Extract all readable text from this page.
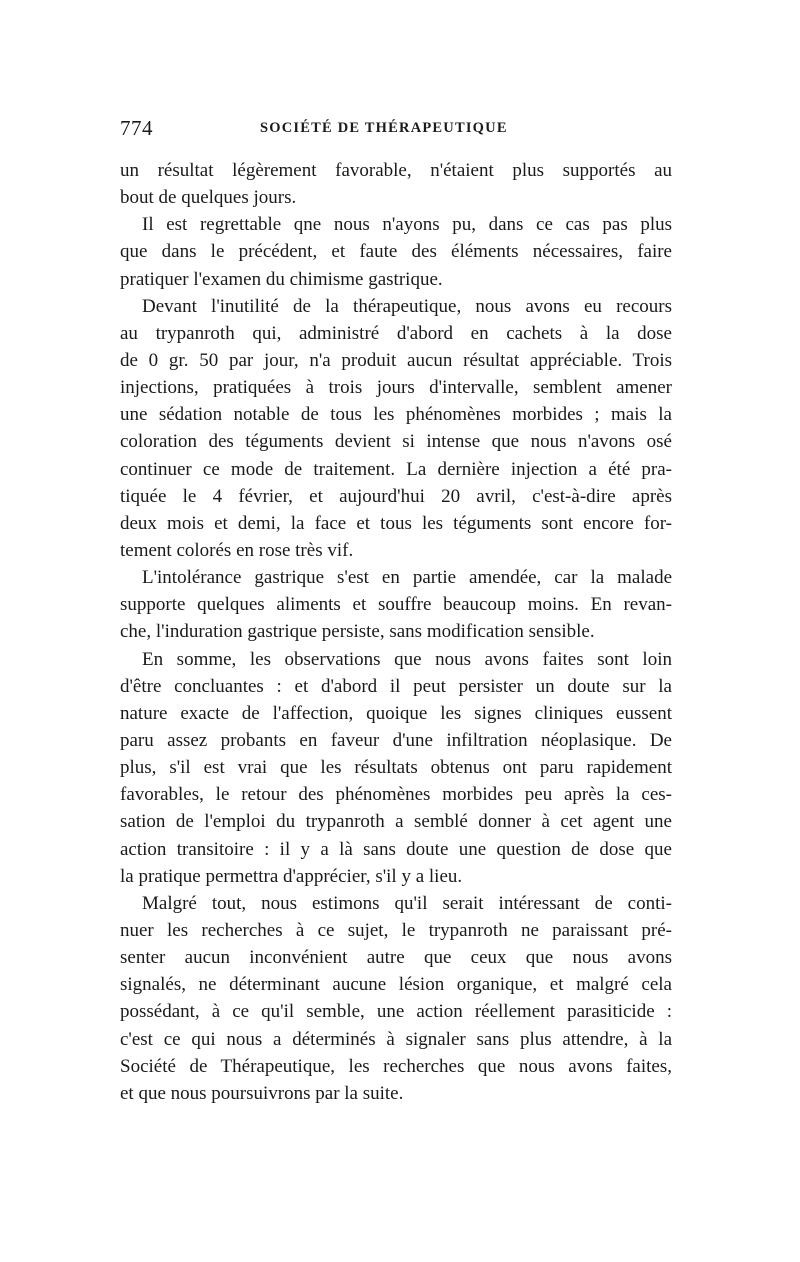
774	SOCIÉTÉ DE THÉRAPEUTIQUE
un résultat légèrement favorable, n'étaient plus supportés au
bout de quelques jours.
Il est regrettable qne nous n'ayons pu, dans ce cas pas plus
que dans le précédent, et faute des éléments nécessaires, faire
pratiquer l'examen du chimisme gastrique.
Devant l'inutilité de la thérapeutique, nous avons eu recours
au trypanroth qui, administré d'abord en cachets à la dose
de 0 gr. 50 par jour, n'a produit aucun résultat appréciable. Trois
injections, pratiquées à trois jours d'intervalle, semblent amener
une sédation notable de tous les phénomènes morbides ; mais la
coloration des téguments devient si intense que nous n'avons osé
continuer ce mode de traitement. La dernière injection a été pra-
tiquée le 4 février, et aujourd'hui 20 avril, c'est-à-dire après
deux mois et demi, la face et tous les téguments sont encore for-
tement colorés en rose très vif.
L'intolérance gastrique s'est en partie amendée, car la malade
supporte quelques aliments et souffre beaucoup moins. En revan-
che, l'induration gastrique persiste, sans modification sensible.
En somme, les observations que nous avons faites sont loin
d'être concluantes : et d'abord il peut persister un doute sur la
nature exacte de l'affection, quoique les signes cliniques eussent
paru assez probants en faveur d'une infiltration néoplasique. De
plus, s'il est vrai que les résultats obtenus ont paru rapidement
favorables, le retour des phénomènes morbides peu après la ces-
sation de l'emploi du trypanroth a semblé donner à cet agent une
action transitoire : il y a là sans doute une question de dose que
la pratique permettra d'apprécier, s'il y a lieu.
Malgré tout, nous estimons qu'il serait intéressant de conti-
nuer les recherches à ce sujet, le trypanroth ne paraissant pré-
senter aucun inconvénient autre que ceux que nous avons
signalés, ne déterminant aucune lésion organique, et malgré cela
possédant, à ce qu'il semble, une action réellement parasiticide :
c'est ce qui nous a déterminés à signaler sans plus attendre, à la
Société de Thérapeutique, les recherches que nous avons faites,
et que nous poursuivrons par la suite.
